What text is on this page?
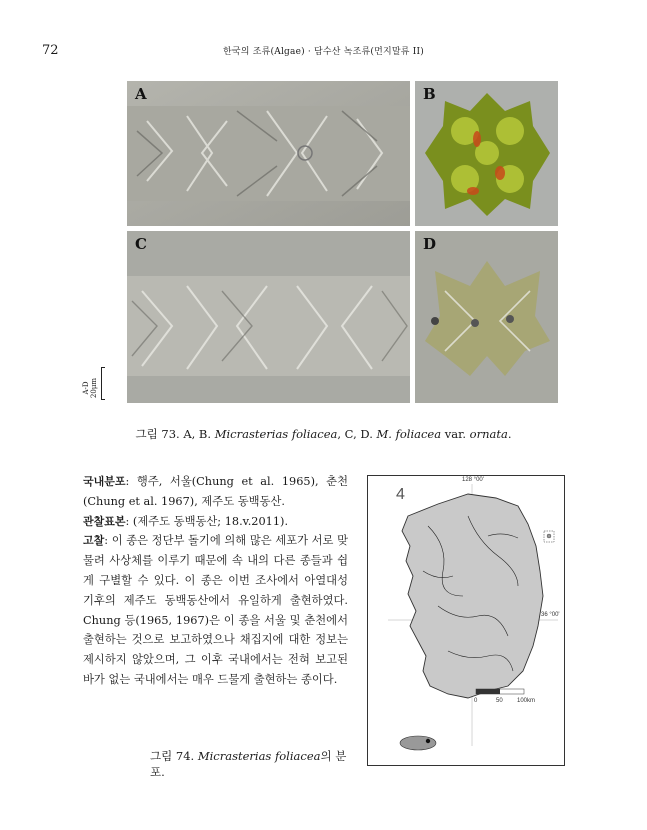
72	한국의 조류(Algae) · 담수산 녹조류(먼지말류 II)
A	B
C	D
A-D 20μm
그림 73. A, B. Micrasterias foliacea, C, D. M. foliacea var. ornata.

국내분포: 행주, 서울(Chung et al. 1965), 춘천(Chung et al. 1967), 제주도 동백동산.

관찰표본: (제주도 동백동산; 18.v.2011).

고찰: 이 종은 정단부 돌기에 의해 많은 세포가 서로 맞물려 사상체를 이루기 때문에 속 내의 다른 종들과 쉽게 구별할 수 있다. 이 종은 이번 조사에서 아열대성 기후의 제주도 동백동산에서 유일하게 출현하였다. Chung 등(1965, 1967)은 이 종을 서울 및 춘천에서 출현하는 것으로 보고하였으나 채집지에 대한 정보는 제시하지 않았으며, 그 이후 국내에서는 전혀 보고된 바가 없는 국내에서는 매우 드물게 출현하는 종이다.

128 °00'
36 °00'
4
0	50 100km
그림 74. Micrasterias foliacea의 분포.
